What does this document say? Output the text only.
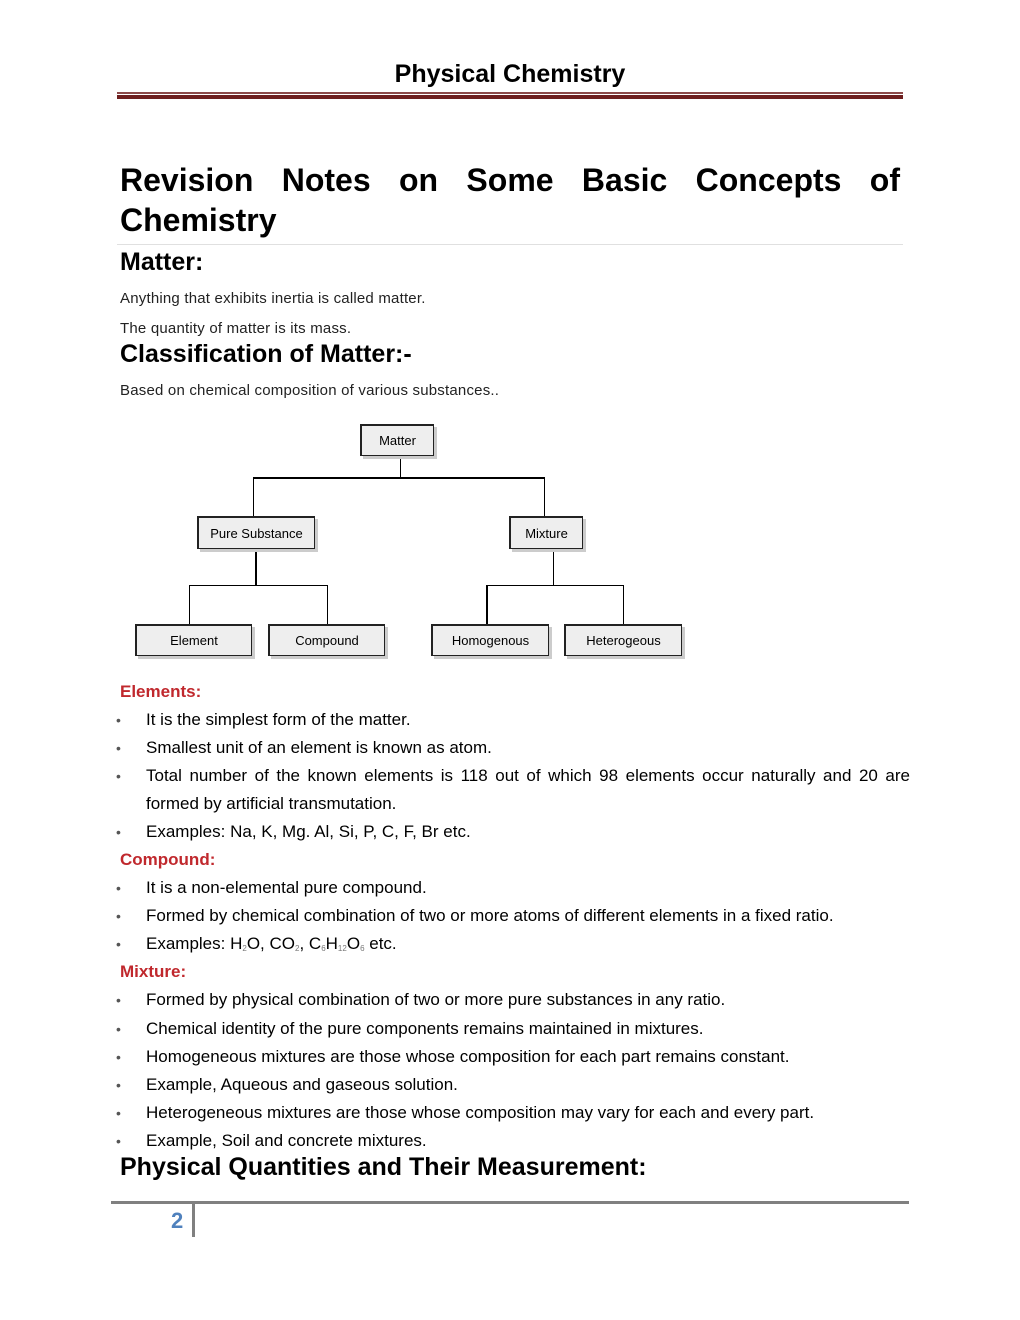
Physical Chemistry
Revision Notes on Some Basic Concepts of Chemistry
Matter:
Anything that exhibits inertia is called matter.
The quantity of matter is its mass.
Classification of Matter:-
Based on chemical composition of various substances..
Matter
Pure Substance	Mixture
Element	Compound	Homogenous	Heterogeous
Elements:
• It is the simplest form of the matter.
• Smallest unit of an element is known as atom.
• Total number of the known elements is 118 out of which 98 elements occur naturally and 20 are formed by artificial transmutation.
• Examples: Na, K, Mg. Al, Si, P, C, F, Br etc.
Compound:
• It is a non-elemental pure compound.
• Formed by chemical combination of two or more atoms of different elements in a fixed ratio.
• Examples: $H_2O$, $CO_2$, $C_6H_{12}O_6$ etc.
Mixture:
• Formed by physical combination of two or more pure substances in any ratio.
• Chemical identity of the pure components remains maintained in mixtures.
• Homogeneous mixtures are those whose composition for each part remains constant.
• Example, Aqueous and gaseous solution.
• Heterogeneous mixtures are those whose composition may vary for each and every part.
• Example, Soil and concrete mixtures.
Physical Quantities and Their Measurement:
2
